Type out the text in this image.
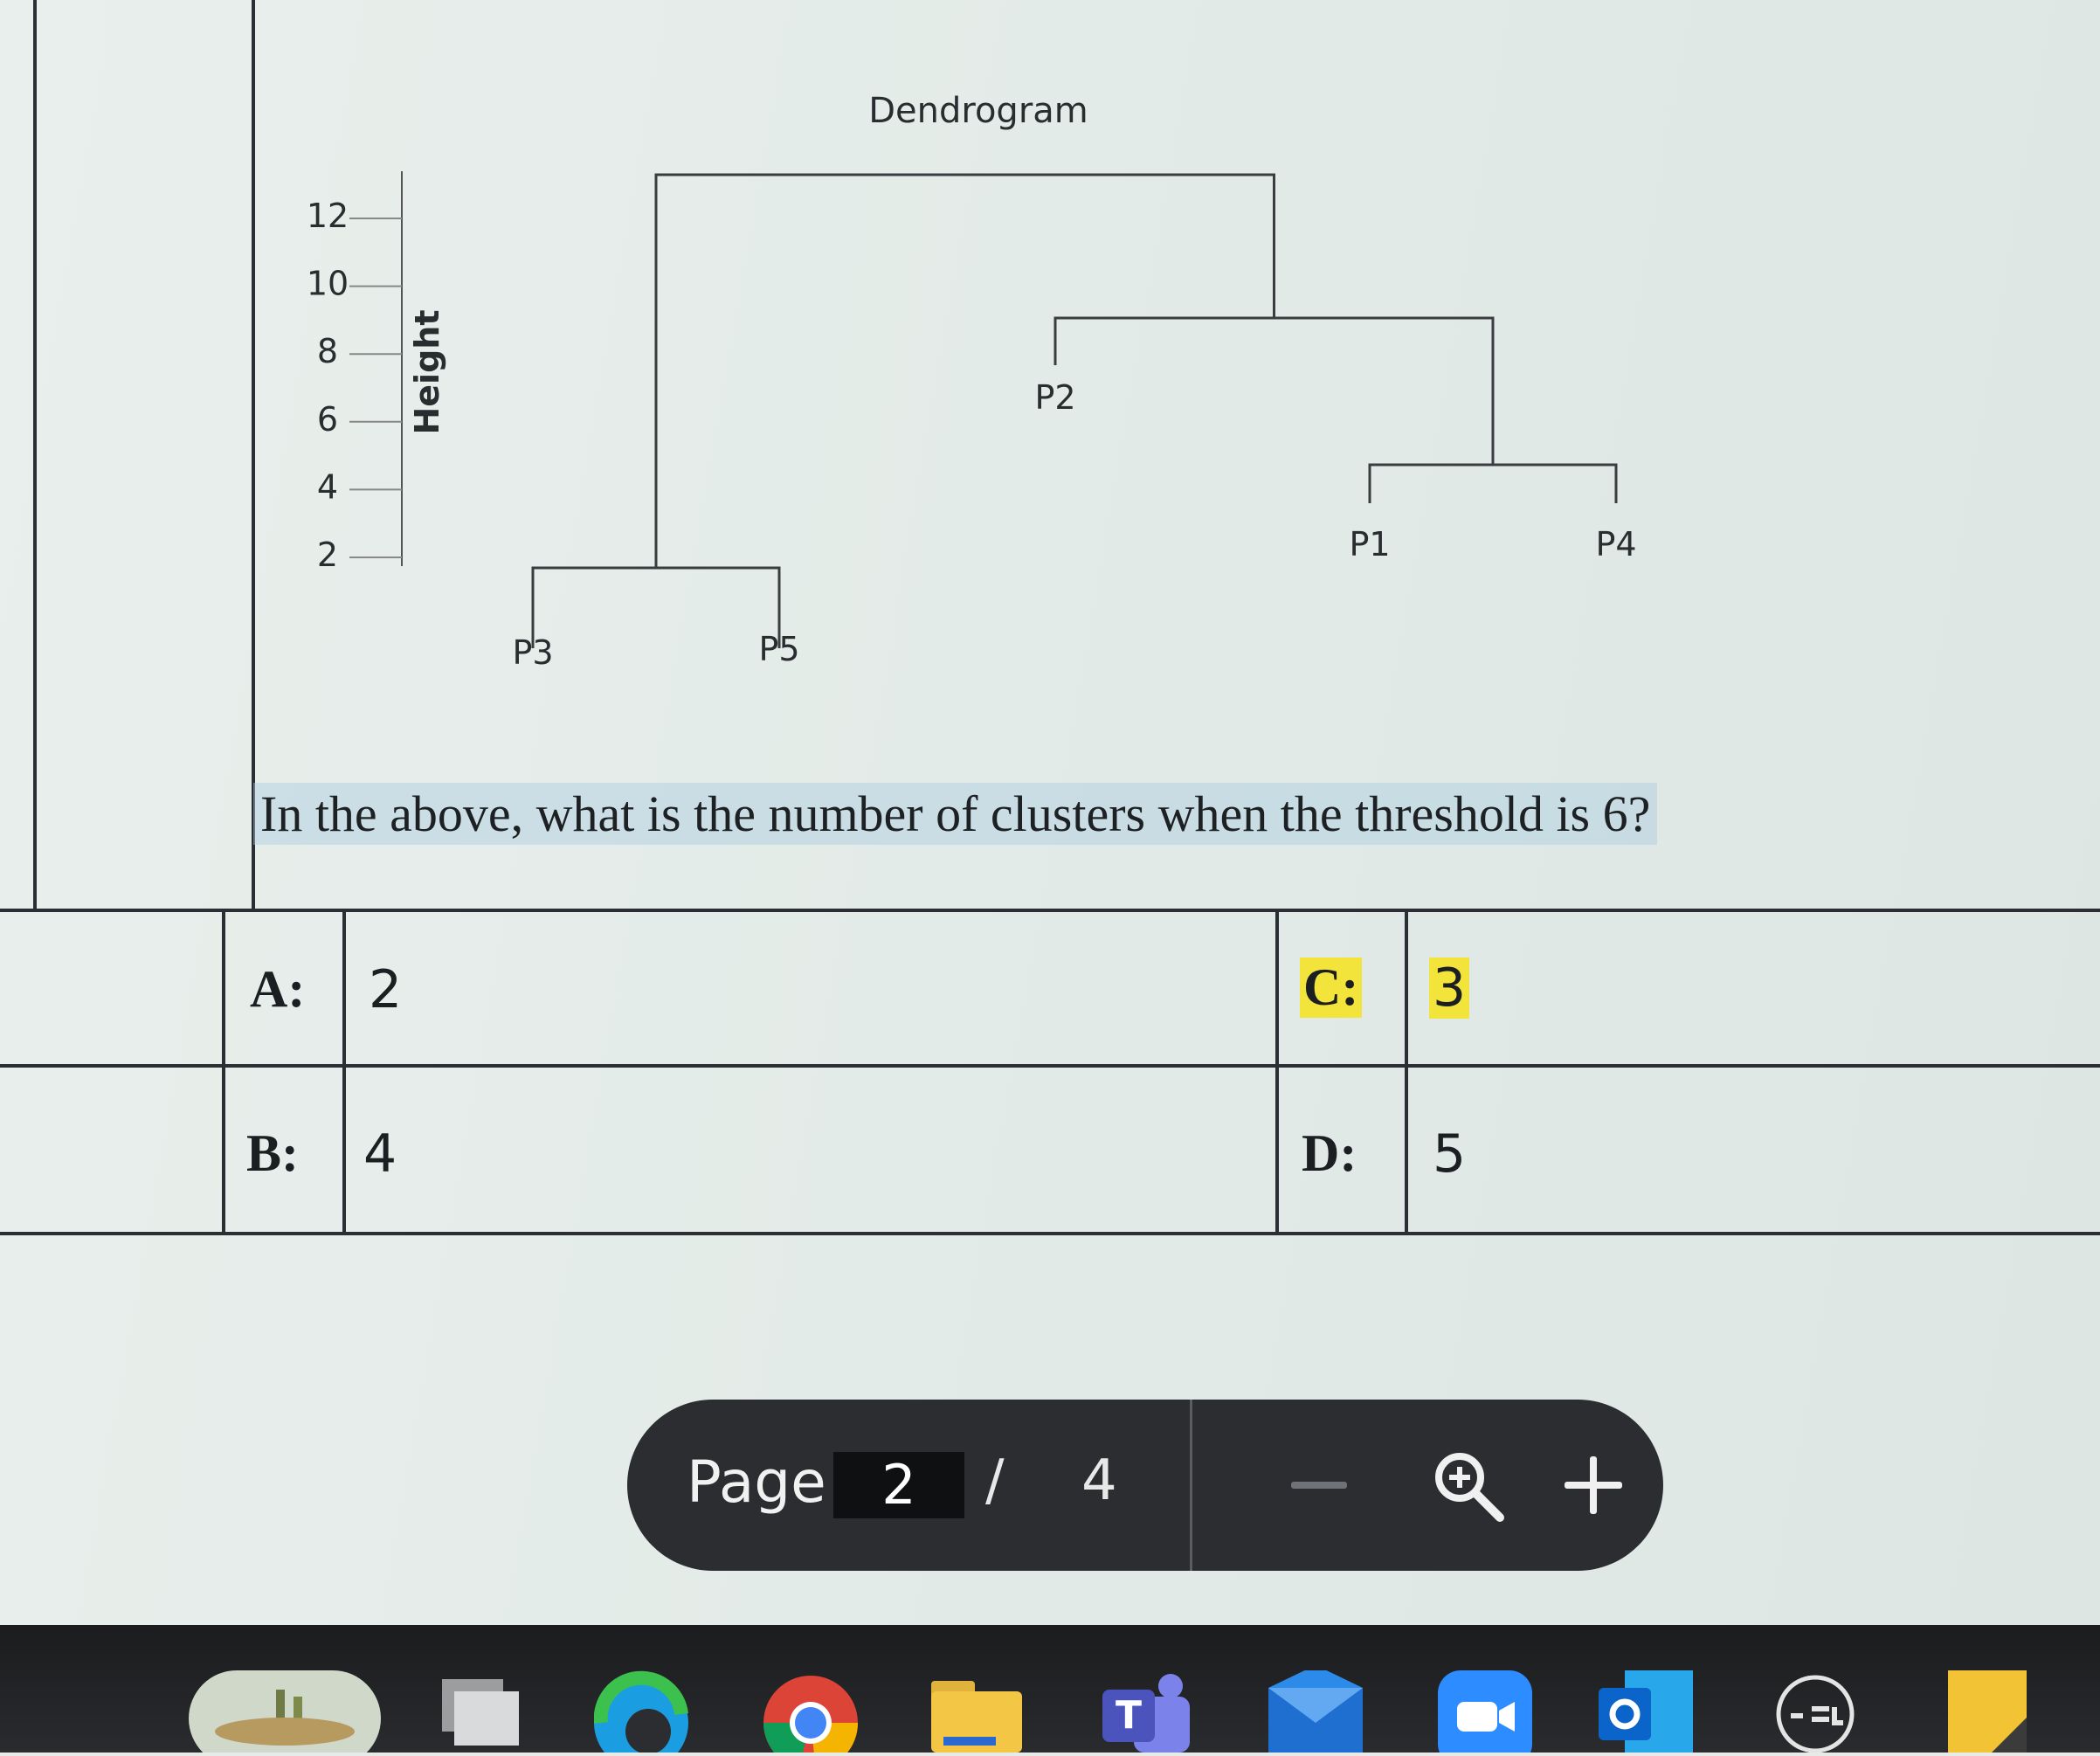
Dendrogram
12
10
8
6
4
2
Height
P3	P5
P2
P1	P4
In the above, what is the number of clusters when the threshold is 6?
A: 2
B: 4
C: 3
D: 5
Page
2	/ 4
T
